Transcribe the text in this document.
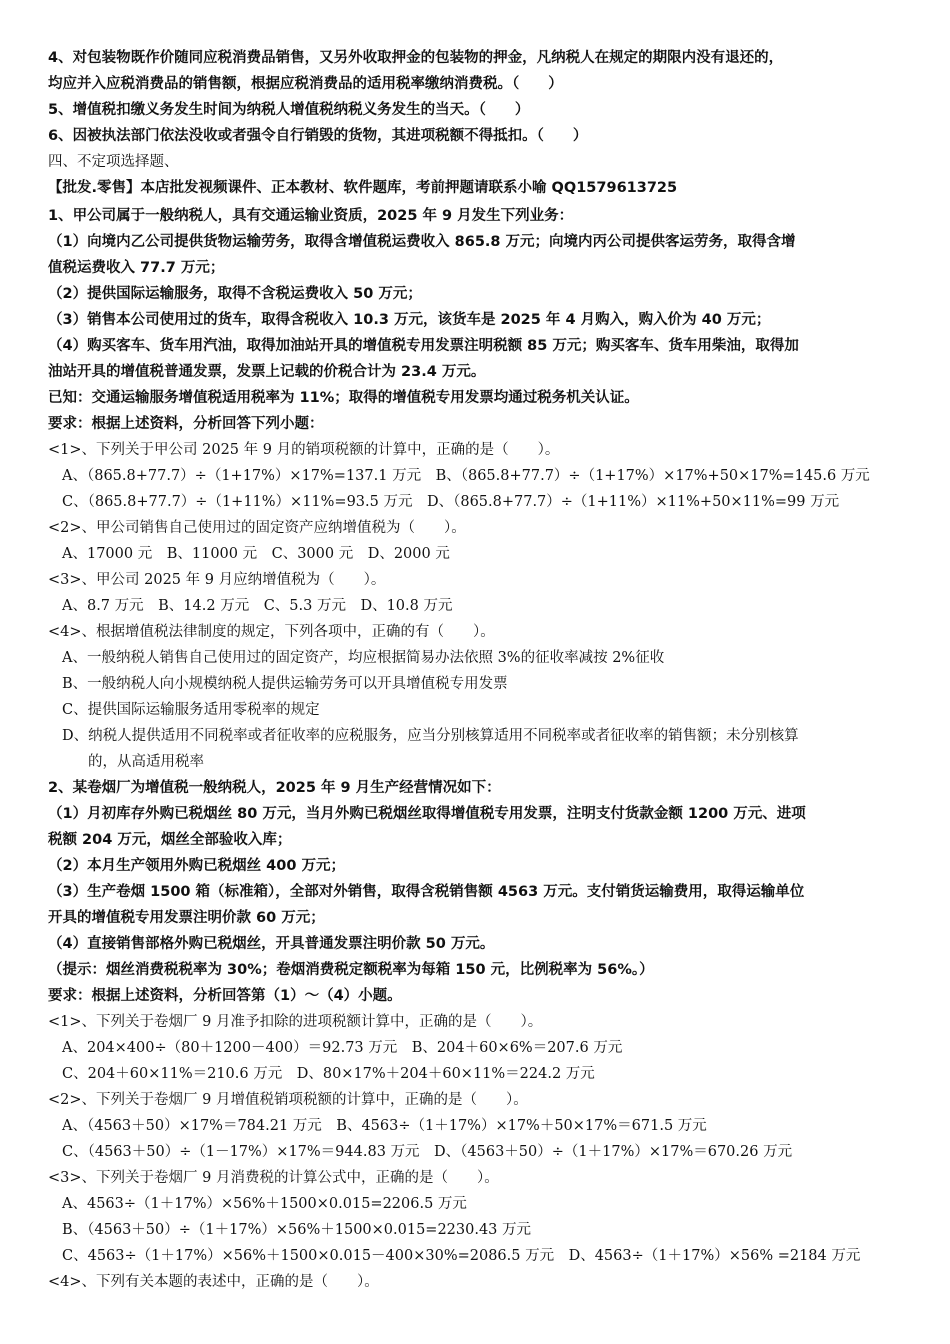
4、对包装物既作价随同应税消费品销售，又另外收取押金的包装物的押金，凡纳税人在规定的期限内没有退还的，
均应并入应税消费品的销售额，根据应税消费品的适用税率缴纳消费税。（　　）
5、增值税扣缴义务发生时间为纳税人增值税纳税义务发生的当天。（　　）
6、因被执法部门依法没收或者强令自行销毁的货物，其进项税额不得抵扣。（　　）
四、不定项选择题、
【批发.零售】本店批发视频课件、正本教材、软件题库，考前押题请联系小喻 QQ1579613725
1、甲公司属于一般纳税人，具有交通运输业资质，2025 年 9 月发生下列业务：
（1）向境内乙公司提供货物运输劳务，取得含增值税运费收入 865.8 万元；向境内丙公司提供客运劳务，取得含增
值税运费收入 77.7 万元；
（2）提供国际运输服务，取得不含税运费收入 50 万元；
（3）销售本公司使用过的货车，取得含税收入 10.3 万元，该货车是 2025 年 4 月购入，购入价为 40 万元；
（4）购买客车、货车用汽油，取得加油站开具的增值税专用发票注明税额 85 万元；购买客车、货车用柴油，取得加
油站开具的增值税普通发票，发票上记载的价税合计为 23.4 万元。
已知：交通运输服务增值税适用税率为 11%；取得的增值税专用发票均通过税务机关认证。
要求：根据上述资料，分析回答下列小题：
<1>、下列关于甲公司 2025 年 9 月的销项税额的计算中，正确的是（　　）。
A、（865.8+77.7）÷（1+17%）×17%=137.1 万元　B、（865.8+77.7）÷（1+17%）×17%+50×17%=145.6 万元
C、（865.8+77.7）÷（1+11%）×11%=93.5 万元　D、（865.8+77.7）÷（1+11%）×11%+50×11%=99 万元
<2>、甲公司销售自己使用过的固定资产应纳增值税为（　　）。
A、17000 元　B、11000 元　C、3000 元　D、2000 元
<3>、甲公司 2025 年 9 月应纳增值税为（　　）。
A、8.7 万元　B、14.2 万元　C、5.3 万元　D、10.8 万元
<4>、根据增值税法律制度的规定，下列各项中，正确的有（　　）。
A、一般纳税人销售自己使用过的固定资产，均应根据简易办法依照 3%的征收率减按 2%征收
B、一般纳税人向小规模纳税人提供运输劳务可以开具增值税专用发票
C、提供国际运输服务适用零税率的规定
D、纳税人提供适用不同税率或者征收率的应税服务，应当分别核算适用不同税率或者征收率的销售额；未分别核算
的，从高适用税率
2、某卷烟厂为增值税一般纳税人，2025 年 9 月生产经营情况如下：
（1）月初库存外购已税烟丝 80 万元，当月外购已税烟丝取得增值税专用发票，注明支付货款金额 1200 万元、进项
税额 204 万元，烟丝全部验收入库；
（2）本月生产领用外购已税烟丝 400 万元；
（3）生产卷烟 1500 箱（标准箱），全部对外销售，取得含税销售额 4563 万元。支付销货运输费用，取得运输单位
开具的增值税专用发票注明价款 60 万元；
（4）直接销售部格外购已税烟丝，开具普通发票注明价款 50 万元。
（提示：烟丝消费税税率为 30%；卷烟消费税定额税率为每箱 150 元，比例税率为 56%。）
要求：根据上述资料，分析回答第（1）～（4）小题。
<1>、下列关于卷烟厂 9 月准予扣除的进项税额计算中，正确的是（　　）。
A、204×400÷（80＋1200－400）＝92.73 万元　B、204＋60×6%＝207.6 万元
C、204＋60×11%＝210.6 万元　D、80×17%＋204＋60×11%＝224.2 万元
<2>、下列关于卷烟厂 9 月增值税销项税额的计算中，正确的是（　　）。
A、（4563＋50）×17%＝784.21 万元　B、4563÷（1＋17%）×17%＋50×17%＝671.5 万元
C、（4563＋50）÷（1－17%）×17%＝944.83 万元　D、（4563＋50）÷（1＋17%）×17%＝670.26 万元
<3>、下列关于卷烟厂 9 月消费税的计算公式中，正确的是（　　）。
A、4563÷（1＋17%）×56%＋1500×0.015=2206.5 万元
B、（4563＋50）÷（1＋17%）×56%＋1500×0.015=2230.43 万元
C、4563÷（1＋17%）×56%＋1500×0.015－400×30%=2086.5 万元　D、4563÷（1＋17%）×56% =2184 万元
<4>、下列有关本题的表述中，正确的是（　　）。
